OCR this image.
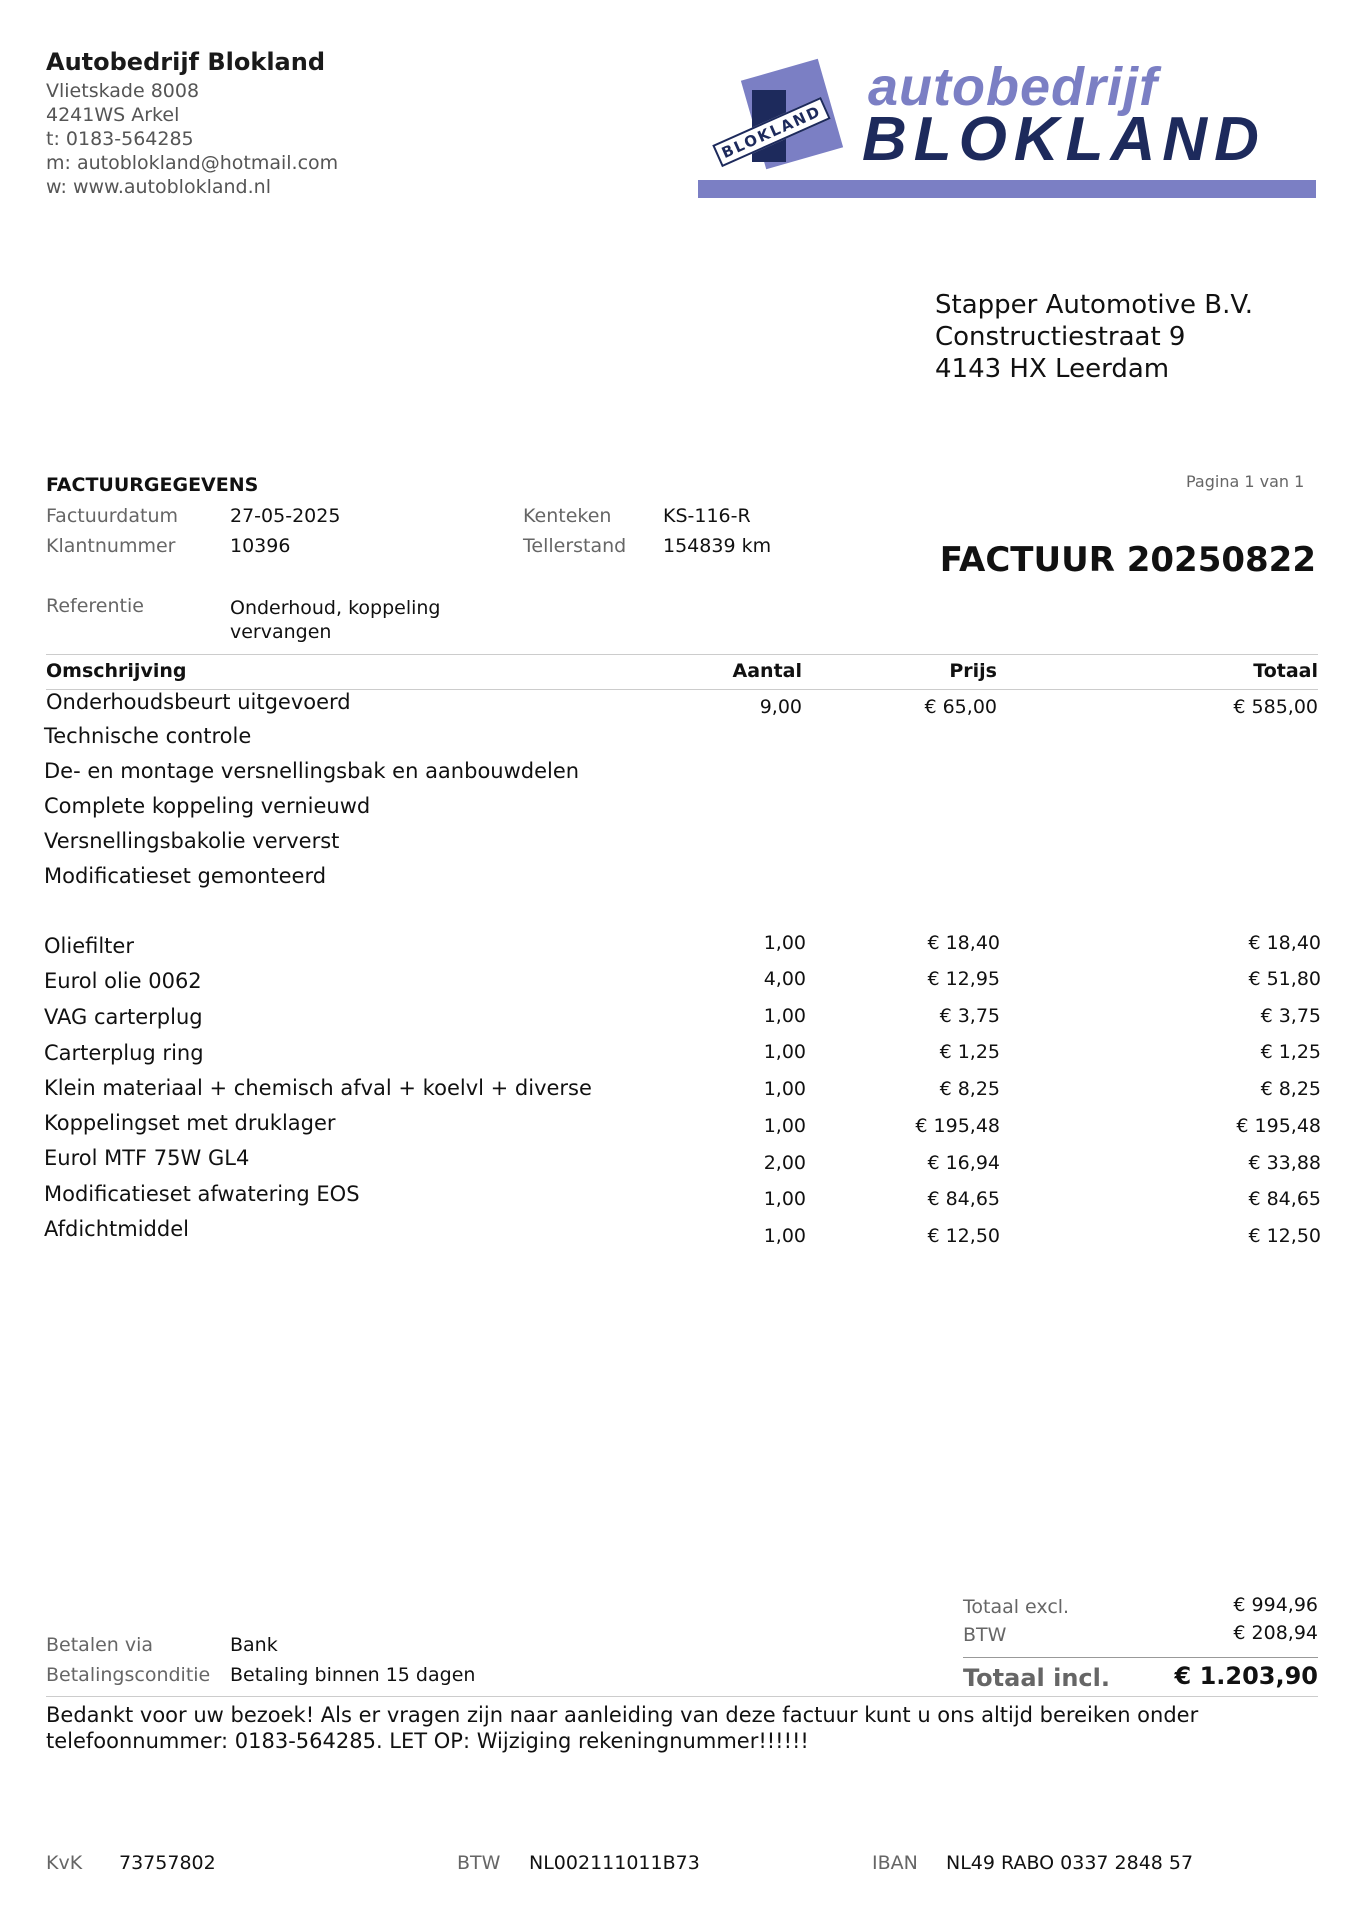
Autobedrijf Blokland
Vlietskade 8008
4241WS Arkel
t: 0183-564285
m: autoblokland@hotmail.com
w: www.autoblokland.nl
BLOKLAND
autobedrijf
BLOKLAND
Stapper Automotive B.V.
Constructiestraat 9
4143 HX Leerdam
FACTUURGEGEVENS	Pagina 1 van 1
Factuurdatum	27-05-2025
Klantnummer	10396
Kenteken	KS-116-R
Tellerstand 154839 km	FACTUUR 20250822
Referentie	Onderhoud, koppeling
vervangen
Omschrijving	Aantal	Prijs	Totaal
Onderhoudsbeurt uitgevoerd	9,00	€ 65,00	€ 585,00
Technische controle
De- en montage versnellingsbak en aanbouwdelen
Complete koppeling vernieuwd
Versnellingsbakolie ververst
Modificatieset gemonteerd
Oliefilter	1,00	€ 18,40	€ 18,40
Eurol olie 0062	4,00	€ 12,95	€ 51,80
VAG carterplug	1,00	€ 3,75	€ 3,75
Carterplug ring	1,00	€ 1,25	€ 1,25
Klein materiaal + chemisch afval + koelvl + diverse	1,00	€ 8,25	€ 8,25
Koppelingset met druklager	1,00	€ 195,48	€ 195,48
Eurol MTF 75W GL4	2,00	€ 16,94	€ 33,88
Modificatieset afwatering EOS	1,00	€ 84,65	€ 84,65
Afdichtmiddel	1,00	€ 12,50	€ 12,50
Betalen via	Bank
Betalingsconditie Betaling binnen 15 dagen
Totaal excl.	€ 994,96
BTW	€ 208,94
Totaal incl.	€ 1.203,90
Bedankt voor uw bezoek! Als er vragen zijn naar aanleiding van deze factuur kunt u ons altijd bereiken onder telefoonnummer: 0183-564285. LET OP: Wijziging rekeningnummer!!!!!!
KvK 73757802	BTW NL002111011B73	IBAN NL49 RABO 0337 2848 57
